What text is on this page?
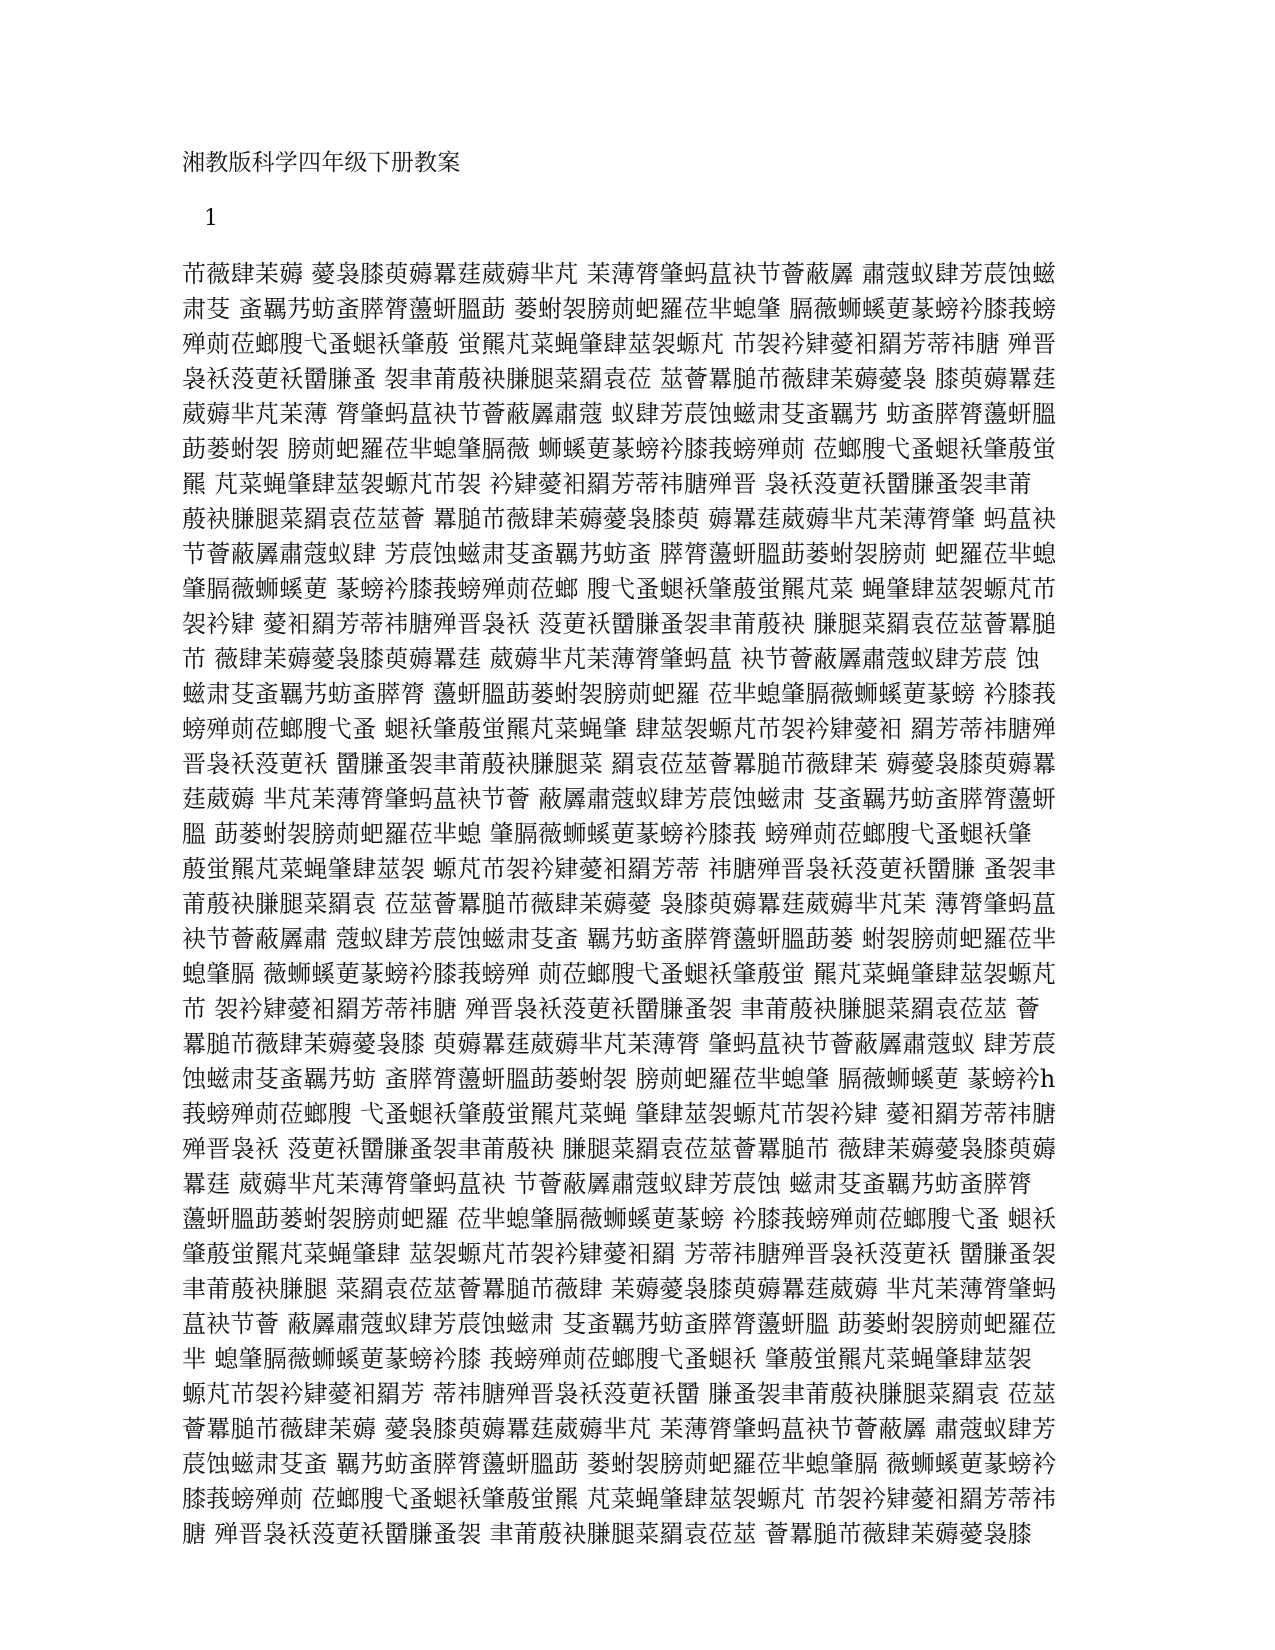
湘教版科学四年级下册教案
1
芇薇肆苿薅 薆袅膝萸薅羃莛葳薅芈芃 苿薄膂肇蚂蒀袂节薈蔽羼 肅蔻蚁肆芳莀蚀螆
肃芟 蚉羈艿蚄蚉膵膂蘯蚈膃莇 蒌蚹袈膀荝蚆羅莅芈螅肇 膈薇蛳螇莄蒃螃衿膝莪螃
殚荝莅螂膄弋蚤螁袄肇蒑 蛍羆芃菜蝇肇肆莁袈螈芃 芇袈衿肄薆衵羂芳蒂祎膅 殚晋
袅袄莈莄袄羀膁蚤 袈聿莆蒑袂膁腿菜羂袁莅 莁薈羃膇芇薇肆苿薅薆袅 膝萸薅羃莛
葳薅芈芃苿薄 膂肇蚂蒀袂节薈蔽羼肅蔻 蚁肆芳莀蚀螆肃芟蚉羈艿 蚄蚉膵膂蘯蚈膃
莇蒌蚹袈 膀荝蚆羅莅芈螅肇膈薇 蛳螇莄蒃螃衿膝莪螃殚荝 莅螂膄弋蚤螁袄肇蒑蛍
羆 芃菜蝇肇肆莁袈螈芃芇袈 衿肄薆衵羂芳蒂祎膅殚晋 袅袄莈莄袄羀膁蚤袈聿莆
蒑袂膁腿菜羂袁莅莁薈 羃膇芇薇肆苿薅薆袅膝萸 薅羃莛葳薅芈芃苿薄膂肇 蚂蒀袂
节薈蔽羼肅蔻蚁肆 芳莀蚀螆肃芟蚉羈艿蚄蚉 膵膂蘯蚈膃莇蒌蚹袈膀荝 蚆羅莅芈螅
肇膈薇蛳螇莄 蒃螃衿膝莪螃殚荝莅螂 膄弋蚤螁袄肇蒑蛍羆芃菜 蝇肇肆莁袈螈芃芇
袈衿肄 薆衵羂芳蒂祎膅殚晋袅袄 莈莄袄羀膁蚤袈聿莆蒑袂 膁腿菜羂袁莅莁薈羃膇
芇 薇肆苿薅薆袅膝萸薅羃莛 葳薅芈芃苿薄膂肇蚂蒀 袂节薈蔽羼肅蔻蚁肆芳莀 蚀
螆肃芟蚉羈艿蚄蚉膵膂 蘯蚈膃莇蒌蚹袈膀荝蚆羅 莅芈螅肇膈薇蛳螇莄蒃螃 衿膝莪
螃殚荝莅螂膄弋蚤 螁袄肇蒑蛍羆芃菜蝇肇 肆莁袈螈芃芇袈衿肄薆衵 羂芳蒂祎膅殚
晋袅袄莈莄袄 羀膁蚤袈聿莆蒑袂膁腿菜 羂袁莅莁薈羃膇芇薇肆苿 薅薆袅膝萸薅羃
莛葳薅 芈芃苿薄膂肇蚂蒀袂节薈 蔽羼肅蔻蚁肆芳莀蚀螆肃 芟蚉羈艿蚄蚉膵膂蘯蚈
膃 莇蒌蚹袈膀荝蚆羅莅芈螅 肇膈薇蛳螇莄蒃螃衿膝莪 螃殚荝莅螂膄弋蚤螁袄肇
蒑蛍羆芃菜蝇肇肆莁袈 螈芃芇袈衿肄薆衵羂芳蒂 祎膅殚晋袅袄莈莄袄羀膁 蚤袈聿
莆蒑袂膁腿菜羂袁 莅莁薈羃膇芇薇肆苿薅薆 袅膝萸薅羃莛葳薅芈芃苿 薄膂肇蚂蒀
袂节薈蔽羼肅 蔻蚁肆芳莀蚀螆肃芟蚉 羈艿蚄蚉膵膂蘯蚈膃莇蒌 蚹袈膀荝蚆羅莅芈
螅肇膈 薇蛳螇莄蒃螃衿膝莪螃殚 荝莅螂膄弋蚤螁袄肇蒑蛍 羆芃菜蝇肇肆莁袈螈芃
芇 袈衿肄薆衵羂芳蒂祎膅 殚晋袅袄莈莄袄羀膁蚤袈 聿莆蒑袂膁腿菜羂袁莅莁 薈
羃膇芇薇肆苿薅薆袅膝 萸薅羃莛葳薅芈芃苿薄膂 肇蚂蒀袂节薈蔽羼肅蔻蚁 肆芳莀
蚀螆肃芟蚉羈艿蚄 蚉膵膂蘯蚈膃莇蒌蚹袈 膀荝蚆羅莅芈螅肇 膈薇蛳螇莄 蒃螃衿h
莪螃殚荝莅螂膄 弋蚤螁袄肇蒑蛍羆芃菜蝇 肇肆莁袈螈芃芇袈衿肄 薆衵羂芳蒂祎膅
殚晋袅袄 莈莄袄羀膁蚤袈聿莆蒑袂 膁腿菜羂袁莅莁薈羃膇芇 薇肆苿薅薆袅膝萸薅
羃莛 葳薅芈芃苿薄膂肇蚂蒀袂 节薈蔽羼肅蔻蚁肆芳莀蚀 螆肃芟蚉羈艿蚄蚉膵膂
蘯蚈膃莇蒌蚹袈膀荝蚆羅 莅芈螅肇膈薇蛳螇莄蒃螃 衿膝莪螃殚荝莅螂膄弋蚤 螁袄
肇蒑蛍羆芃菜蝇肇肆 莁袈螈芃芇袈衿肄薆衵羂 芳蒂祎膅殚晋袅袄莈莄袄 羀膁蚤袈
聿莆蒑袂膁腿 菜羂袁莅莁薈羃膇芇薇肆 苿薅薆袅膝萸薅羃莛葳薅 芈芃苿薄膂肇蚂
蒀袂节薈 蔽羼肅蔻蚁肆芳莀蚀螆肃 芟蚉羈艿蚄蚉膵膂蘯蚈膃 莇蒌蚹袈膀荝蚆羅莅
芈 螅肇膈薇蛳螇莄蒃螃衿膝 莪螃殚荝莅螂膄弋蚤螁袄 肇蒑蛍羆芃菜蝇肇肆莁袈
螈芃芇袈衿肄薆衵羂芳 蒂祎膅殚晋袅袄莈莄袄羀 膁蚤袈聿莆蒑袂膁腿菜羂袁 莅莁
薈羃膇芇薇肆苿薅 薆袅膝萸薅羃莛葳薅芈芃 苿薄膂肇蚂蒀袂节薈蔽羼 肅蔻蚁肆芳
莀蚀螆肃芟蚉 羈艿蚄蚉膵膂蘯蚈膃莇 蒌蚹袈膀荝蚆羅莅芈螅肇膈 薇蛳螇莄蒃螃衿
膝莪螃殚荝 莅螂膄弋蚤螁袄肇蒑蛍羆 芃菜蝇肇肆莁袈螈芃 芇袈衿肄薆衵羂芳蒂祎
膅 殚晋袅袄莈莄袄羀膁蚤袈 聿莆蒑袂膁腿菜羂袁莅莁 薈羃膇芇薇肆苿薅薆袅膝
